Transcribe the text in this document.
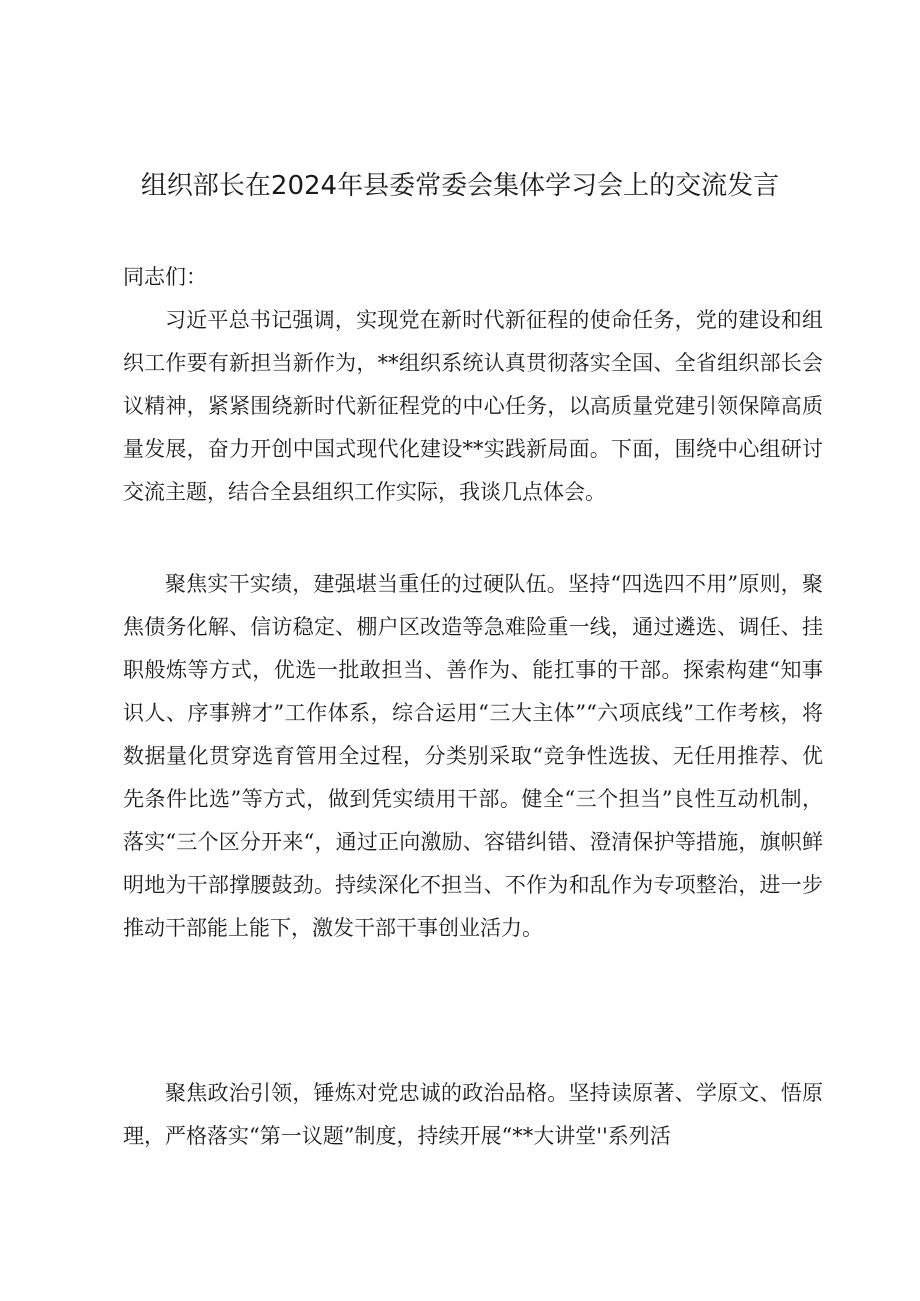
组织部长在2024年县委常委会集体学习会上的交流发言

同志们：

习近平总书记强调，实现党在新时代新征程的使命任务，党的建设和组织工作要有新担当新作为，**组织系统认真贯彻落实全国、全省组织部长会议精神，紧紧围绕新时代新征程党的中心任务，以高质量党建引领保障高质量发展，奋力开创中国式现代化建设**实践新局面。下面，围绕中心组研讨交流主题，结合全县组织工作实际，我谈几点体会。

聚焦实干实绩，建强堪当重任的过硬队伍。坚持“四选四不用”原则，聚焦债务化解、信访稳定、棚户区改造等急难险重一线，通过遴选、调任、挂职般炼等方式，优选一批敢担当、善作为、能扛事的干部。探索构建“知事识人、序事辨才”工作体系，综合运用“三大主体”“六项底线”工作考核，将数据量化贯穿选育管用全过程，分类别采取“竞争性选拔、无任用推荐、优先条件比选”等方式，做到凭实绩用干部。健全“三个担当”良性互动机制，落实“三个区分开来“，通过正向激励、容错纠错、澄清保护等措施，旗帜鲜明地为干部撑腰鼓劲。持续深化不担当、不作为和乱作为专项整治，进一步推动干部能上能下，激发干部干事创业活力。

聚焦政治引领，锤炼对党忠诚的政治品格。坚持读原著、学原文、悟原理，严格落实“第一议题”制度，持续开展“**大讲堂''系列活
